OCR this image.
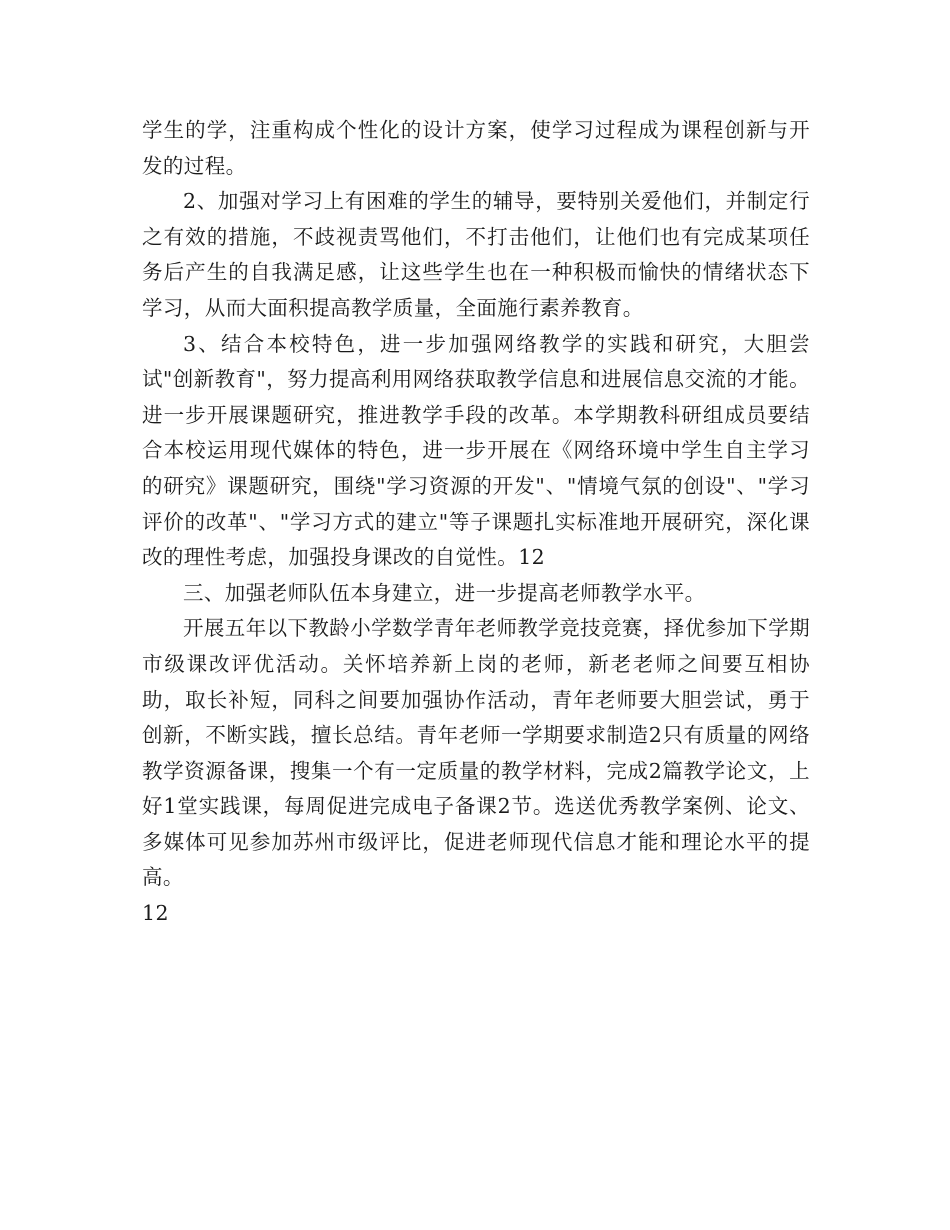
学生的学，注重构成个性化的设计方案，使学习过程成为课程创新与开发的过程。

2、加强对学习上有困难的学生的辅导，要特别关爱他们，并制定行之有效的措施，不歧视责骂他们，不打击他们，让他们也有完成某项任务后产生的自我满足感，让这些学生也在一种积极而愉快的情绪状态下学习，从而大面积提高教学质量，全面施行素养教育。

3、结合本校特色，进一步加强网络教学的实践和研究，大胆尝试"创新教育"，努力提高利用网络获取教学信息和进展信息交流的才能。进一步开展课题研究，推进教学手段的改革。本学期教科研组成员要结合本校运用现代媒体的特色，进一步开展在《网络环境中学生自主学习的研究》课题研究，围绕"学习资源的开发"、"情境气氛的创设"、"学习评价的改革"、"学习方式的建立"等子课题扎实标准地开展研究，深化课改的理性考虑，加强投身课改的自觉性。12

三、加强老师队伍本身建立，进一步提高老师教学水平。

开展五年以下教龄小学数学青年老师教学竞技竞赛，择优参加下学期市级课改评优活动。关怀培养新上岗的老师，新老老师之间要互相协助，取长补短，同科之间要加强协作活动，青年老师要大胆尝试，勇于创新，不断实践，擅长总结。青年老师一学期要求制造2只有质量的网络教学资源备课，搜集一个有一定质量的教学材料，完成2篇教学论文，上好1堂实践课，每周促进完成电子备课2节。选送优秀教学案例、论文、多媒体可见参加苏州市级评比，促进老师现代信息才能和理论水平的提高。

12
